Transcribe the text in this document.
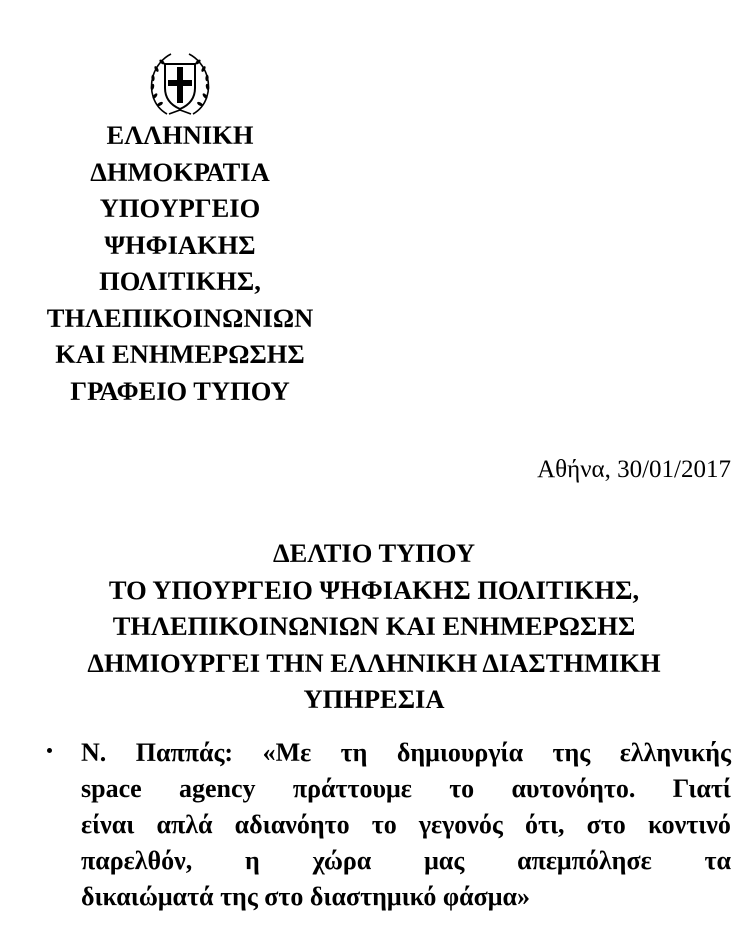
ΕΛΛΗΝΙΚΗ
ΔΗΜΟΚΡΑΤΙΑ
ΥΠΟΥΡΓΕΙΟ
ΨΗΦΙΑΚΗΣ
ΠΟΛΙΤΙΚΗΣ,
ΤΗΛΕΠΙΚΟΙΝΩΝΙΩΝ
ΚΑΙ ΕΝΗΜΕΡΩΣΗΣ
ΓΡΑΦΕΙΟ ΤΥΠΟΥ
Αθήνα, 30/01/2017
ΔΕΛΤΙΟ ΤΥΠΟΥ
ΤΟ ΥΠΟΥΡΓΕΙΟ ΨΗΦΙΑΚΗΣ ΠΟΛΙΤΙΚΗΣ,
ΤΗΛΕΠΙΚΟΙΝΩΝΙΩΝ ΚΑΙ ΕΝΗΜΕΡΩΣΗΣ
ΔΗΜΙΟΥΡΓΕΙ ΤΗΝ ΕΛΛΗΝΙΚΗ ΔΙΑΣΤΗΜΙΚΗ
ΥΠΗΡΕΣΙΑ
Ν. Παππάς: «Με τη δημιουργία της ελληνικής
space agency πράττουμε το αυτονόητο. Γιατί
είναι απλά αδιανόητο το γεγονός ότι, στο κοντινό
παρελθόν, η χώρα μας απεμπόλησε τα
δικαιώματά της στο διαστημικό φάσμα»
